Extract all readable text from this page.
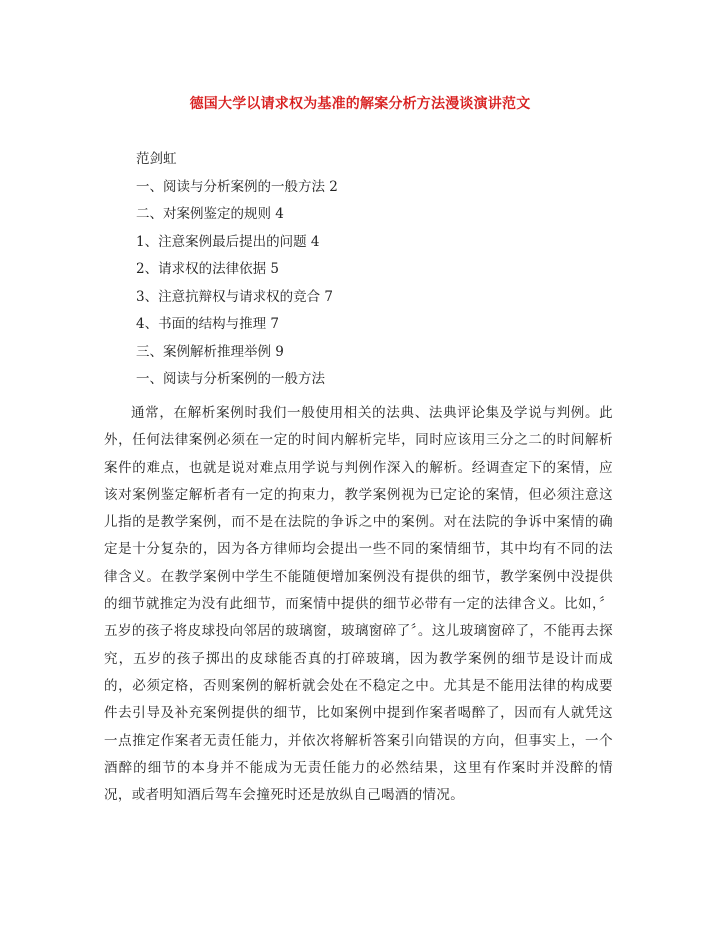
德国大学以请求权为基准的解案分析方法漫谈演讲范文
范剑虹
一、阅读与分析案例的一般方法 2
二、对案例鉴定的规则 4
1、注意案例最后提出的问题 4
2、请求权的法律依据 5
3、注意抗辩权与请求权的竞合 7
4、书面的结构与推理 7
三、案例解析推理举例 9
一、阅读与分析案例的一般方法

通常，在解析案例时我们一般使用相关的法典、法典评论集及学说与判例。此外，任何法律案例必须在一定的时间内解析完毕，同时应该用三分之二的时间解析案件的难点，也就是说对难点用学说与判例作深入的解析。经调查定下的案情，应该对案例鉴定解析者有一定的拘束力，教学案例视为已定论的案情，但必须注意这儿指的是教学案例，而不是在法院的争诉之中的案例。对在法院的争诉中案情的确定是十分复杂的，因为各方律师均会提出一些不同的案情细节，其中均有不同的法律含义。在教学案例中学生不能随便增加案例没有提供的细节，教学案例中没提供的细节就推定为没有此细节，而案情中提供的细节必带有一定的法律含义。比如，〞五岁的孩子将皮球投向邻居的玻璃窗，玻璃窗碎了〞。这儿玻璃窗碎了，不能再去探究，五岁的孩子掷出的皮球能否真的打碎玻璃，因为教学案例的细节是设计而成的，必须定格，否则案例的解析就会处在不稳定之中。尤其是不能用法律的构成要件去引导及补充案例提供的细节，比如案例中提到作案者喝醉了，因而有人就凭这一点推定作案者无责任能力，并依次将解析答案引向错误的方向，但事实上，一个酒醉的细节的本身并不能成为无责任能力的必然结果，这里有作案时并没醉的情况，或者明知酒后驾车会撞死时还是放纵自己喝酒的情况。
